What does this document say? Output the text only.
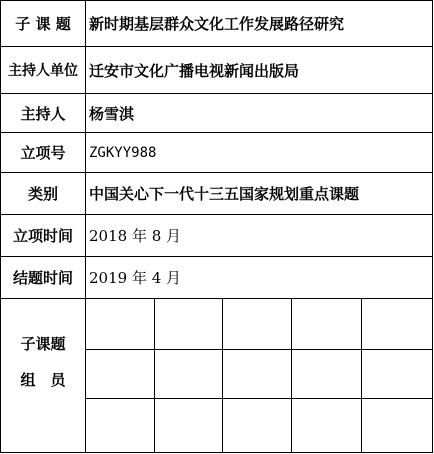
子 课 题	新时期基层群众文化工作发展路径研究
主持人单位 迁安市文化广播电视新闻出版局
主持人	杨雪淇
立项号	ZGKYY988
类别	中国关心下一代十三五国家规划重点课题
立项时间	2018 年 8 月
结题时间	2019 年 4 月
子课题
组　员
